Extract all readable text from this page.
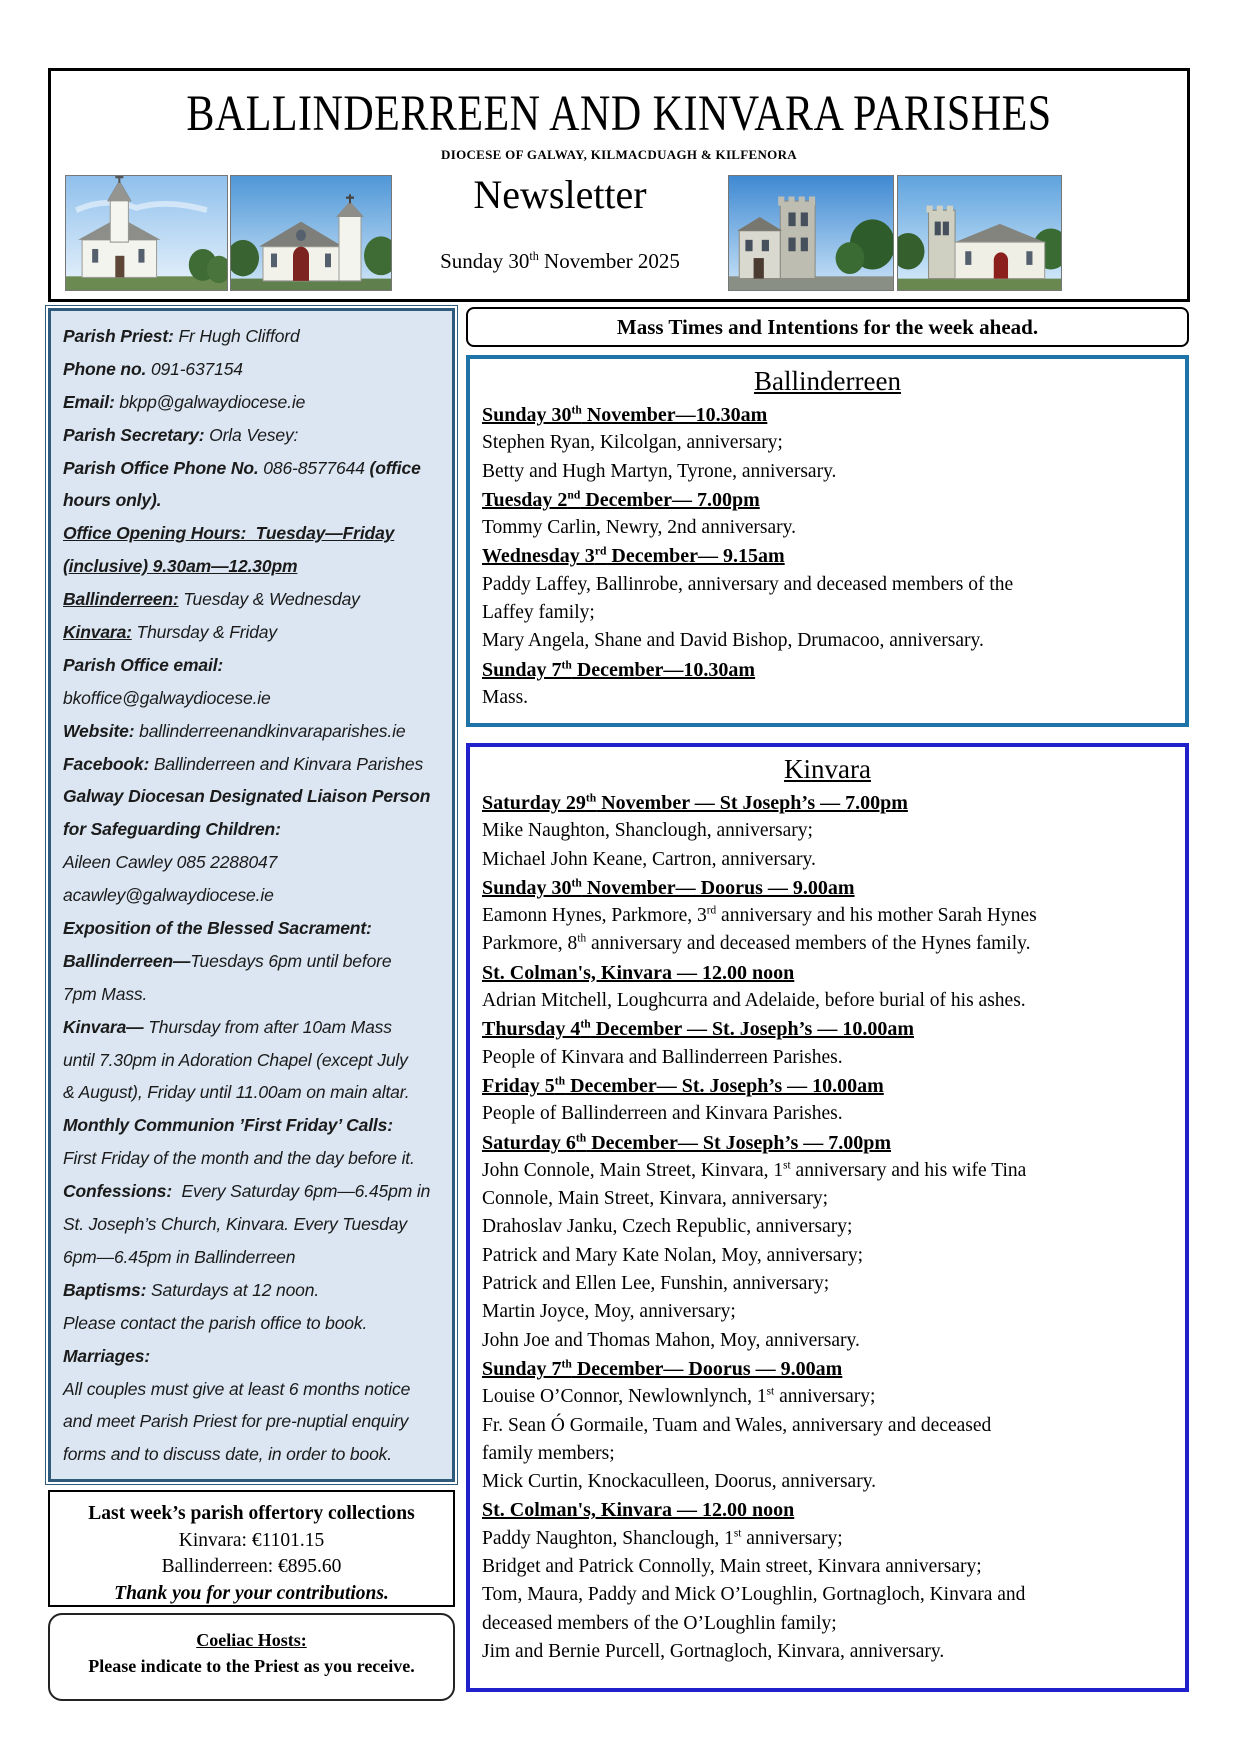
BALLINDERREEN AND KINVARA PARISHES
DIOCESE OF GALWAY, KILMACDUAGH & KILFENORA
Newsletter
Sunday 30th November 2025
Parish Priest: Fr Hugh Clifford
Phone no. 091-637154
Email: bkpp@galwaydiocese.ie
Parish Secretary: Orla Vesey:
Parish Office Phone No. 086-8577644 (office
hours only).
Office Opening Hours:  Tuesday—Friday
(inclusive) 9.30am—12.30pm
Ballinderreen: Tuesday & Wednesday
Kinvara: Thursday & Friday
Parish Office email:
bkoffice@galwaydiocese.ie
Website: ballinderreenandkinvaraparishes.ie
Facebook: Ballinderreen and Kinvara Parishes
Galway Diocesan Designated Liaison Person
for Safeguarding Children:
Aileen Cawley 085 2288047
acawley@galwaydiocese.ie
Exposition of the Blessed Sacrament:
Ballinderreen—Tuesdays 6pm until before
7pm Mass.
Kinvara— Thursday from after 10am Mass
until 7.30pm in Adoration Chapel (except July
& August), Friday until 11.00am on main altar.
Monthly Communion ’First Friday’ Calls:
First Friday of the month and the day before it.
Confessions:  Every Saturday 6pm—6.45pm in
St. Joseph’s Church, Kinvara. Every Tuesday
6pm—6.45pm in Ballinderreen
Baptisms: Saturdays at 12 noon.
Please contact the parish office to book.
Marriages:
All couples must give at least 6 months notice
and meet Parish Priest for pre-nuptial enquiry
forms and to discuss date, in order to book.
Last week’s parish offertory collections
Kinvara: €1101.15
Ballinderreen: €895.60
Thank you for your contributions.
Coeliac Hosts:
Please indicate to the Priest as you receive.
Mass Times and Intentions for the week ahead.
Ballinderreen
Sunday 30th November—10.30am
Stephen Ryan, Kilcolgan, anniversary;
Betty and Hugh Martyn, Tyrone, anniversary.
Tuesday 2nd December— 7.00pm
Tommy Carlin, Newry, 2nd anniversary.
Wednesday 3rd December— 9.15am
Paddy Laffey, Ballinrobe, anniversary and deceased members of the
Laffey family;
Mary Angela, Shane and David Bishop, Drumacoo, anniversary.
Sunday 7th December—10.30am
Mass.
Kinvara
Saturday 29th November — St Joseph’s — 7.00pm
Mike Naughton, Shanclough, anniversary;
Michael John Keane, Cartron, anniversary.
Sunday 30th November— Doorus — 9.00am
Eamonn Hynes, Parkmore, 3rd anniversary and his mother Sarah Hynes
Parkmore, 8th anniversary and deceased members of the Hynes family.
St. Colman's, Kinvara — 12.00 noon
Adrian Mitchell, Loughcurra and Adelaide, before burial of his ashes.
Thursday 4th December — St. Joseph’s — 10.00am
People of Kinvara and Ballinderreen Parishes.
Friday 5th December— St. Joseph’s — 10.00am
People of Ballinderreen and Kinvara Parishes.
Saturday 6th December— St Joseph’s — 7.00pm
John Connole, Main Street, Kinvara, 1st anniversary and his wife Tina
Connole, Main Street, Kinvara, anniversary;
Drahoslav Janku, Czech Republic, anniversary;
Patrick and Mary Kate Nolan, Moy, anniversary;
Patrick and Ellen Lee, Funshin, anniversary;
Martin Joyce, Moy, anniversary;
John Joe and Thomas Mahon, Moy, anniversary.
Sunday 7th December— Doorus — 9.00am
Louise O’Connor, Newlownlynch, 1st anniversary;
Fr. Sean Ó Gormaile, Tuam and Wales, anniversary and deceased
family members;
Mick Curtin, Knockaculleen, Doorus, anniversary.
St. Colman's, Kinvara — 12.00 noon
Paddy Naughton, Shanclough, 1st anniversary;
Bridget and Patrick Connolly, Main street, Kinvara anniversary;
Tom, Maura, Paddy and Mick O’Loughlin, Gortnagloch, Kinvara and
deceased members of the O’Loughlin family;
Jim and Bernie Purcell, Gortnagloch, Kinvara, anniversary.
